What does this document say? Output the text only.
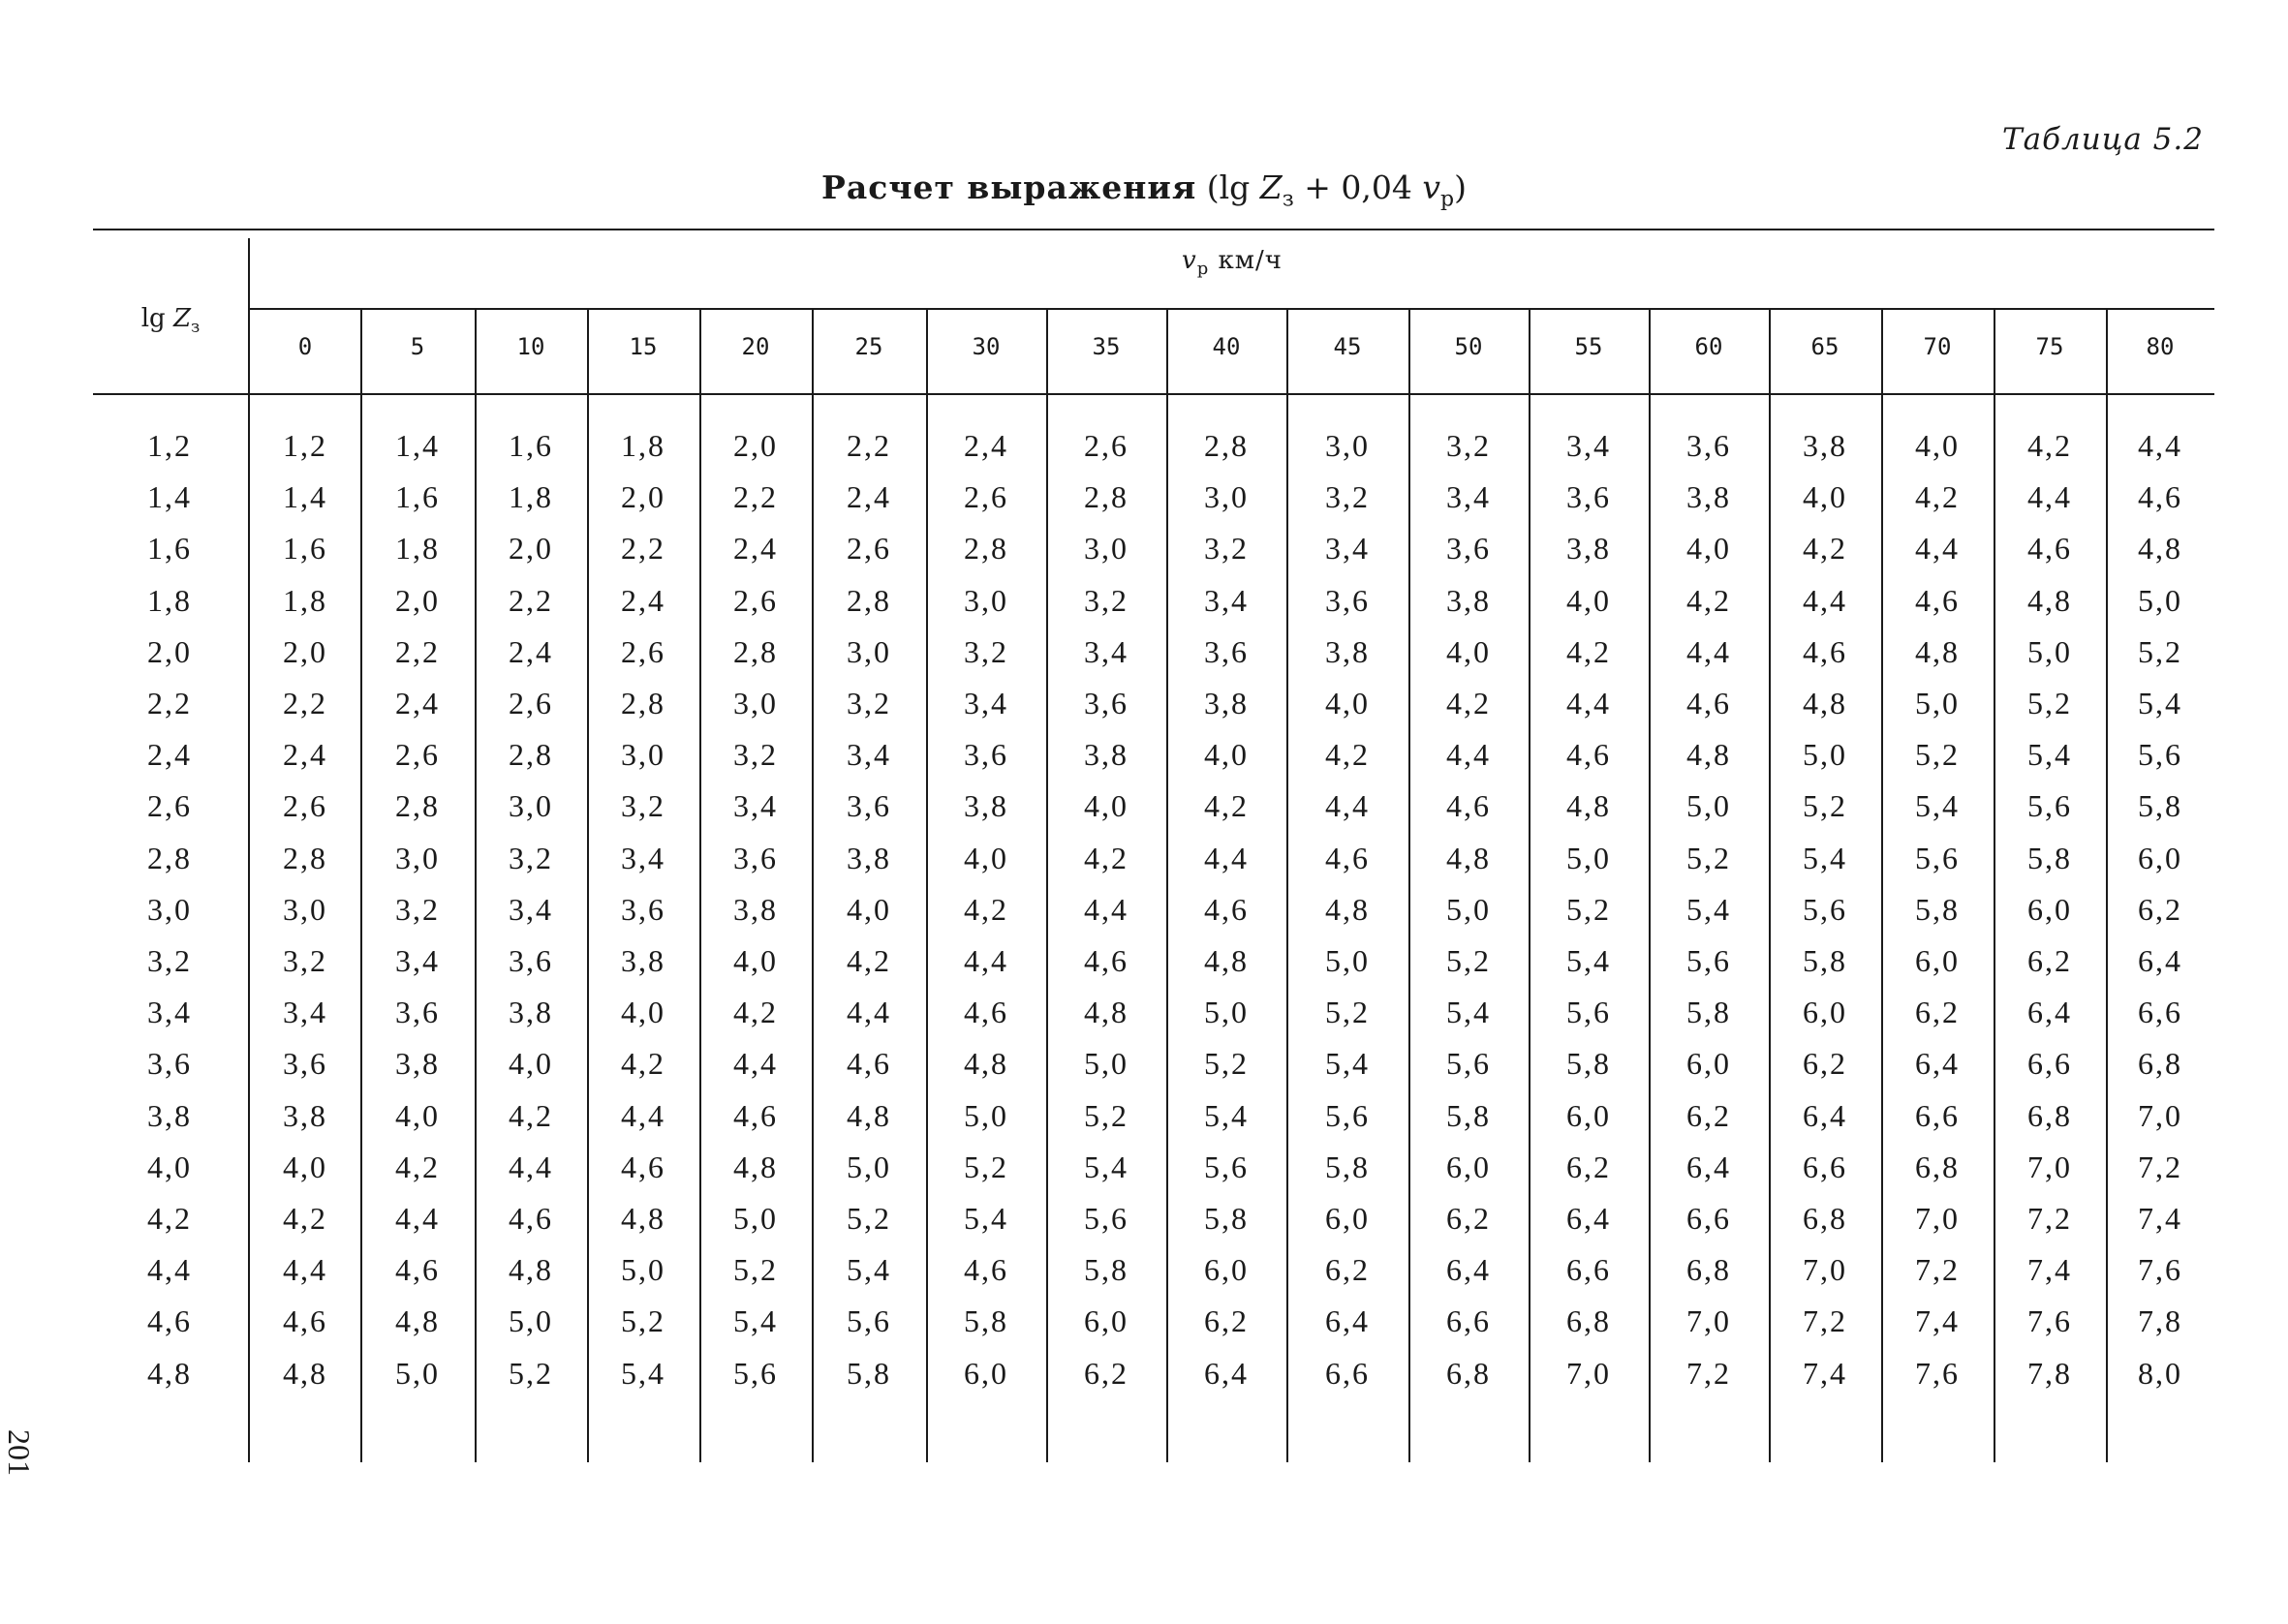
Таблица 5.2
Расчет выражения (lg $Z_з + 0,04$ $v_р$)
$\lg Z_з$
$v_р$ км/ч
0	5	10	15	20	25	30	35	40	45	50	55	60	65	70	75	80
1,2	1,2	1,4	1,6	1,8	2,0	2,2	2,4	2,6	2,8	3,0	3,2	3,4	3,6	3,8	4,0	4,2	4,4
1,4	1,4	1,6	1,8	2,0	2,2	2,4	2,6	2,8	3,0	3,2	3,4	3,6	3,8	4,0	4,2	4,4	4,6
1,6	1,6	1,8	2,0	2,2	2,4	2,6	2,8	3,0	3,2	3,4	3,6	3,8	4,0	4,2	4,4	4,6	4,8
1,8	1,8	2,0	2,2	2,4	2,6	2,8	3,0	3,2	3,4	3,6	3,8	4,0	4,2	4,4	4,6	4,8	5,0
2,0	2,0	2,2	2,4	2,6	2,8	3,0	3,2	3,4	3,6	3,8	4,0	4,2	4,4	4,6	4,8	5,0	5,2
2,2	2,2	2,4	2,6	2,8	3,0	3,2	3,4	3,6	3,8	4,0	4,2	4,4	4,6	4,8	5,0	5,2	5,4
2,4	2,4	2,6	2,8	3,0	3,2	3,4	3,6	3,8	4,0	4,2	4,4	4,6	4,8	5,0	5,2	5,4	5,6
2,6	2,6	2,8	3,0	3,2	3,4	3,6	3,8	4,0	4,2	4,4	4,6	4,8	5,0	5,2	5,4	5,6	5,8
2,8	2,8	3,0	3,2	3,4	3,6	3,8	4,0	4,2	4,4	4,6	4,8	5,0	5,2	5,4	5,6	5,8	6,0
3,0	3,0	3,2	3,4	3,6	3,8	4,0	4,2	4,4	4,6	4,8	5,0	5,2	5,4	5,6	5,8	6,0	6,2
3,2	3,2	3,4	3,6	3,8	4,0	4,2	4,4	4,6	4,8	5,0	5,2	5,4	5,6	5,8	6,0	6,2	6,4
3,4	3,4	3,6	3,8	4,0	4,2	4,4	4,6	4,8	5,0	5,2	5,4	5,6	5,8	6,0	6,2	6,4	6,6
3,6	3,6	3,8	4,0	4,2	4,4	4,6	4,8	5,0	5,2	5,4	5,6	5,8	6,0	6,2	6,4	6,6	6,8
3,8	3,8	4,0	4,2	4,4	4,6	4,8	5,0	5,2	5,4	5,6	5,8	6,0	6,2	6,4	6,6	6,8	7,0
4,0	4,0	4,2	4,4	4,6	4,8	5,0	5,2	5,4	5,6	5,8	6,0	6,2	6,4	6,6	6,8	7,0	7,2
4,2	4,2	4,4	4,6	4,8	5,0	5,2	5,4	5,6	5,8	6,0	6,2	6,4	6,6	6,8	7,0	7,2	7,4
4,4	4,4	4,6	4,8	5,0	5,2	5,4	4,6	5,8	6,0	6,2	6,4	6,6	6,8	7,0	7,2	7,4	7,6
4,6	4,6	4,8	5,0	5,2	5,4	5,6	5,8	6,0	6,2	6,4	6,6	6,8	7,0	7,2	7,4	7,6	7,8
4,8	4,8	5,0	5,2	5,4	5,6	5,8	6,0	6,2	6,4	6,6	6,8	7,0	7,2	7,4	7,6	7,8	8,0
201
